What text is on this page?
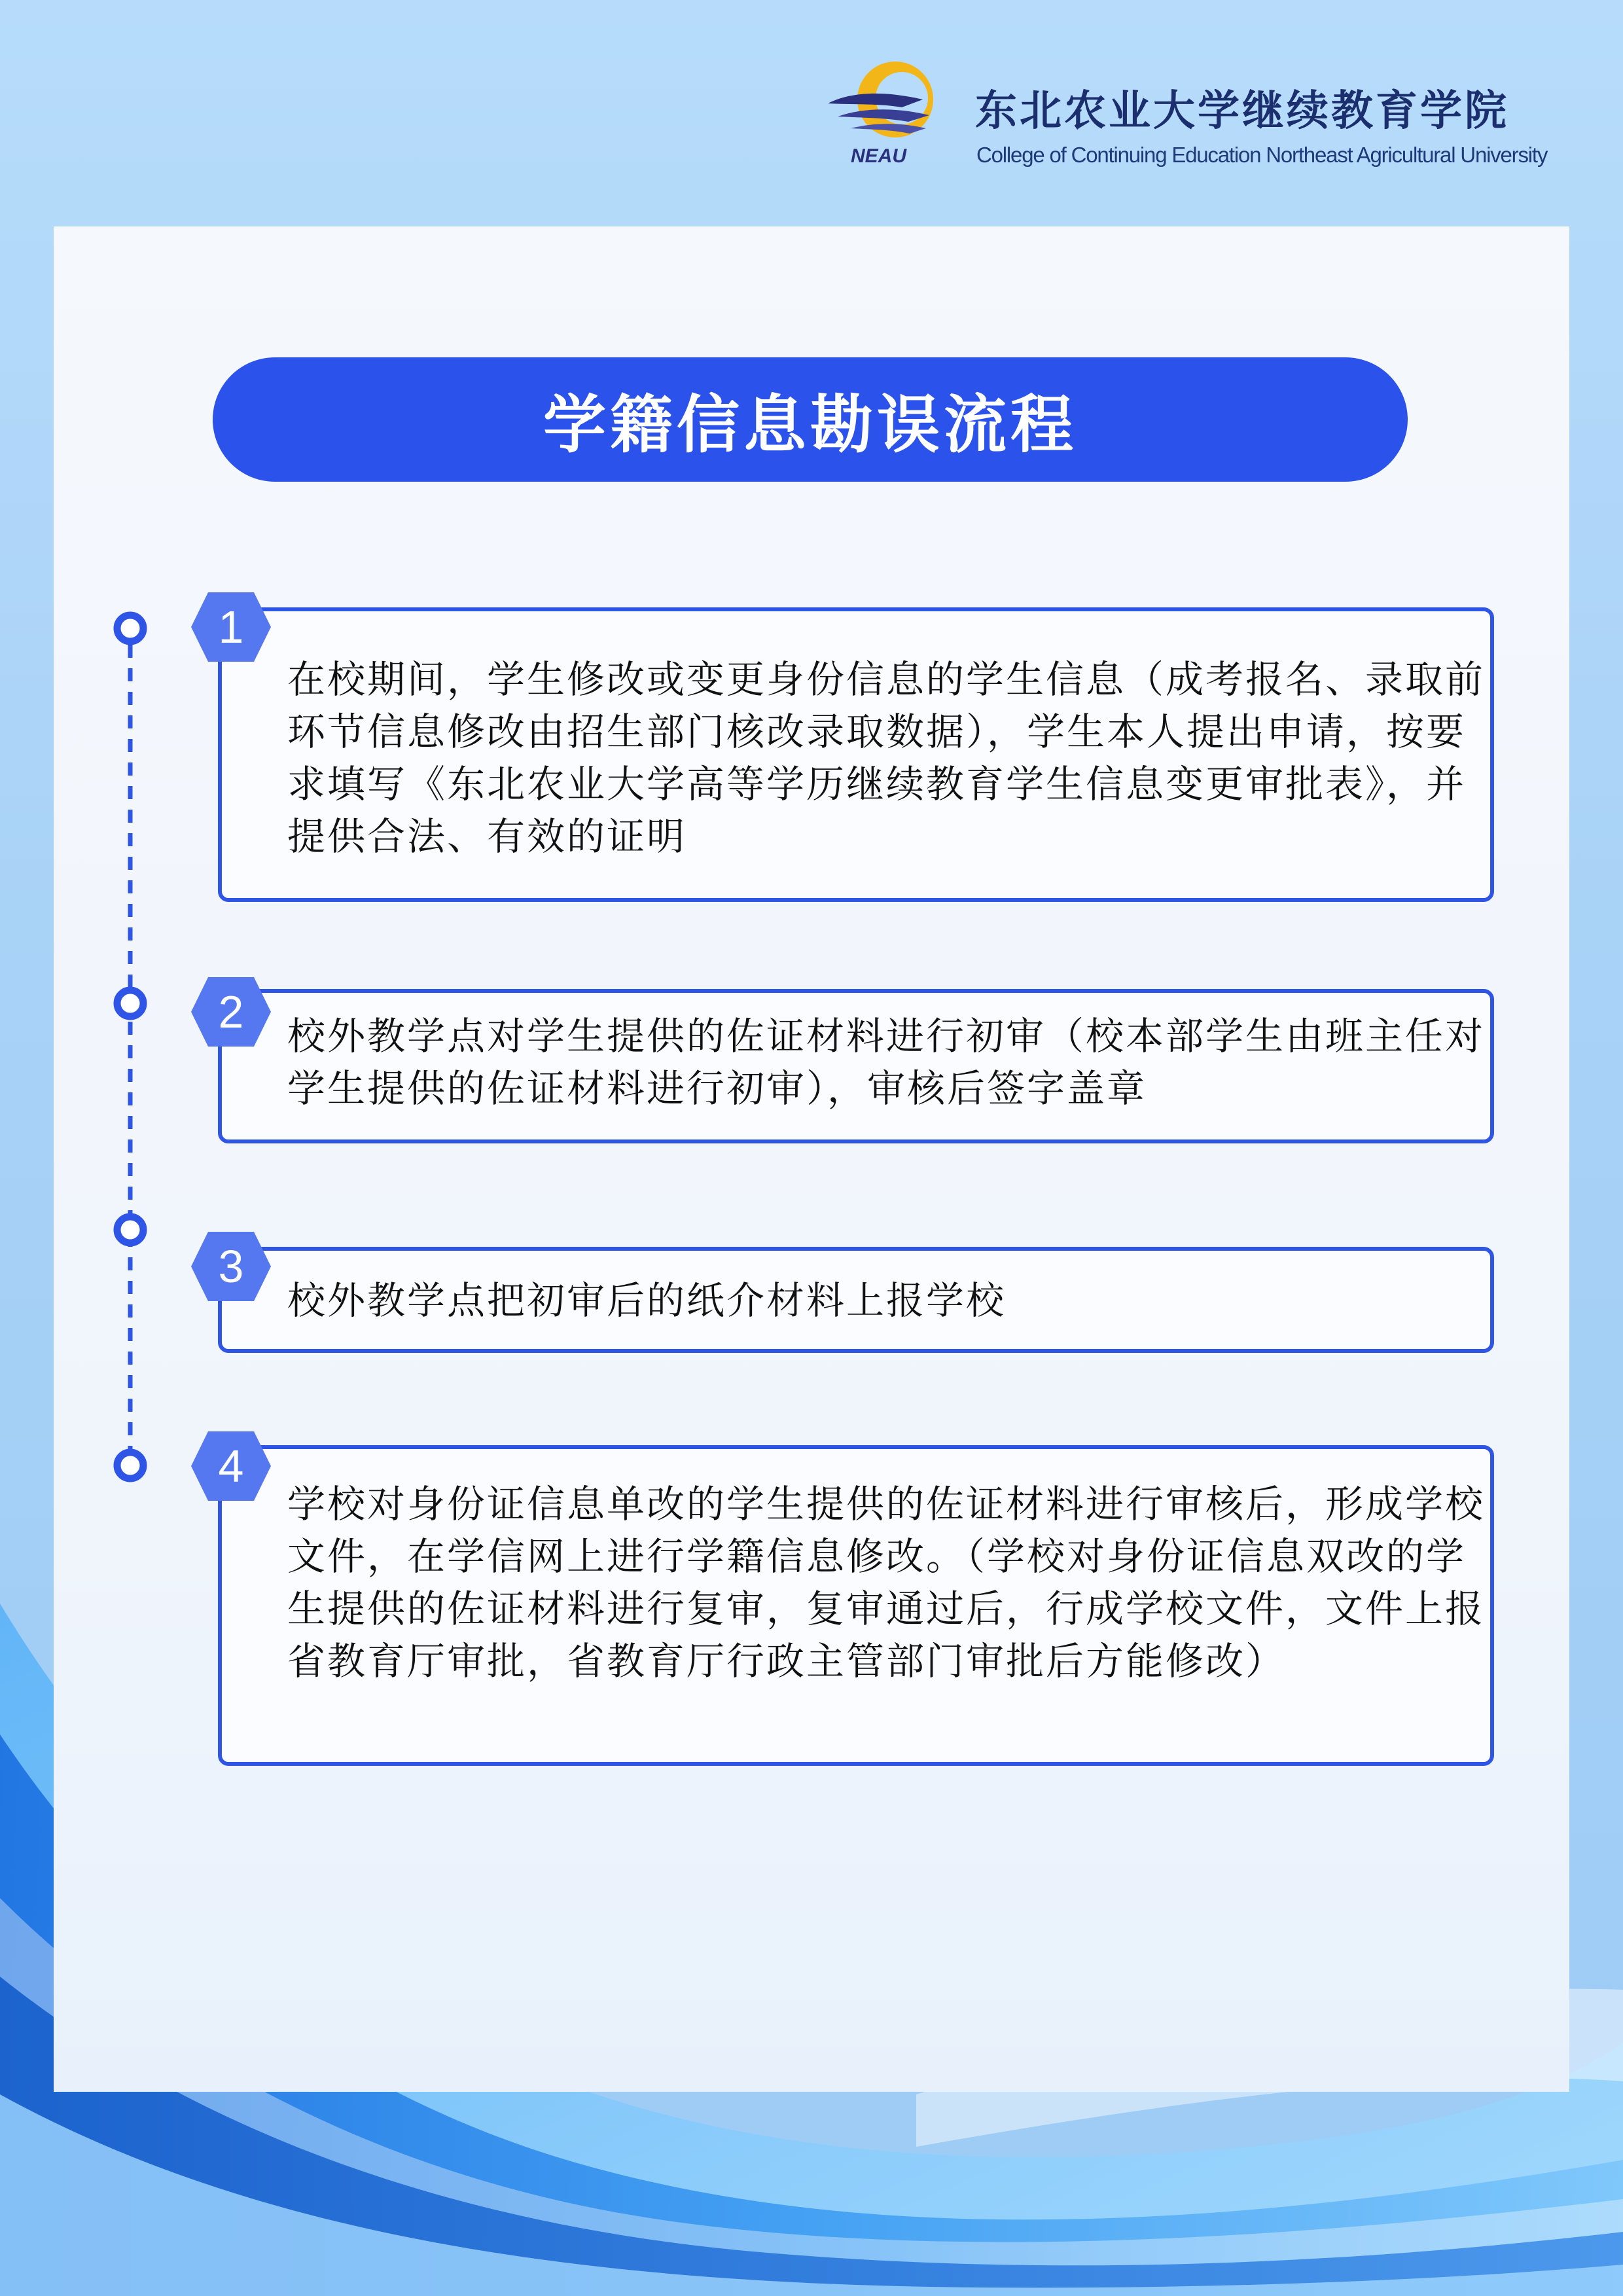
NEAU
东北农业大学继续教育学院
College of Continuing Education Northeast Agricultural University
学籍信息勘误流程
在校期间，学生修改或变更身份信息的学生信息（成考报名、录取前环节信息修改由招生部门核改录取数据），学生本人提出申请，按要求填写《东北农业大学高等学历继续教育学生信息变更审批表》，并提供合法、有效的证明
1
校外教学点对学生提供的佐证材料进行初审（校本部学生由班主任对学生提供的佐证材料进行初审），审核后签字盖章
2
校外教学点把初审后的纸介材料上报学校
3
学校对身份证信息单改的学生提供的佐证材料进行审核后，形成学校文件，在学信网上进行学籍信息修改。（学校对身份证信息双改的学生提供的佐证材料进行复审，复审通过后，行成学校文件，文件上报省教育厅审批，省教育厅行政主管部门审批后方能修改）
4
